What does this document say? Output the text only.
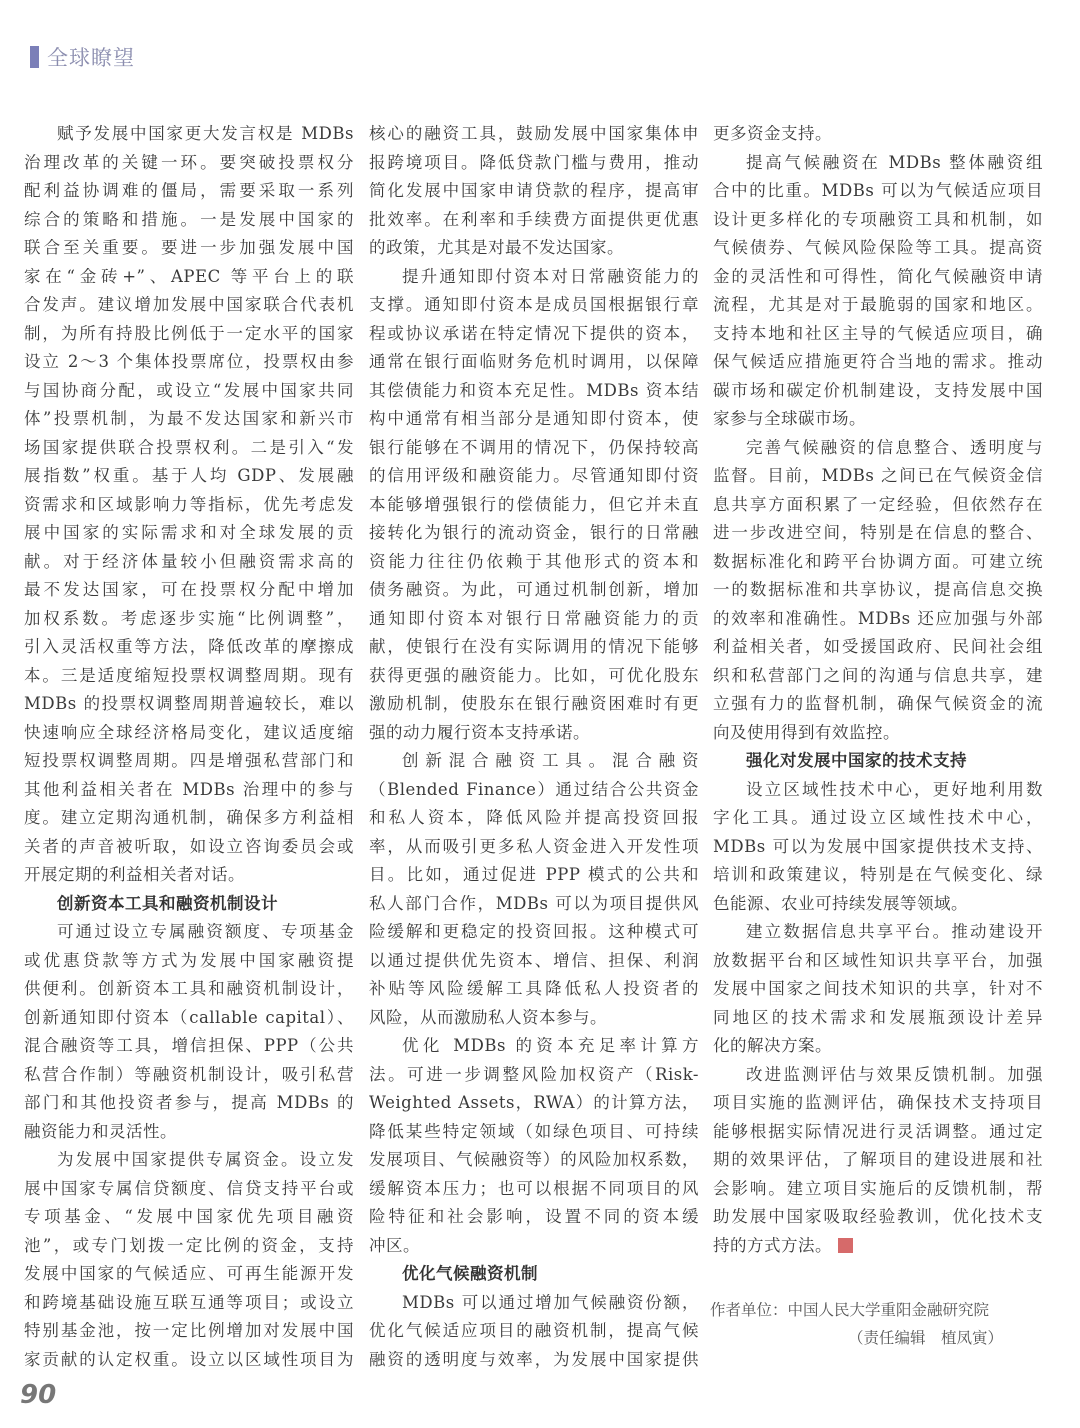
全球瞭望
赋予发展中国家更大发言权是 MDBs
治理改革的关键一环。要突破投票权分
配利益协调难的僵局，需要采取一系列
综合的策略和措施。一是发展中国家的
联合至关重要。要进一步加强发展中国
家在“金砖+”、APEC 等平台上的联
合发声。建议增加发展中国家联合代表机
制，为所有持股比例低于一定水平的国家
设立 2～3 个集体投票席位，投票权由参
与国协商分配，或设立“发展中国家共同
体”投票机制，为最不发达国家和新兴市
场国家提供联合投票权利。二是引入“发
展指数”权重。基于人均 GDP、发展融
资需求和区域影响力等指标，优先考虑发
展中国家的实际需求和对全球发展的贡
献。对于经济体量较小但融资需求高的
最不发达国家，可在投票权分配中增加
加权系数。考虑逐步实施“比例调整”，
引入灵活权重等方法，降低改革的摩擦成
本。三是适度缩短投票权调整周期。现有
MDBs 的投票权调整周期普遍较长，难以
快速响应全球经济格局变化，建议适度缩
短投票权调整周期。四是增强私营部门和
其他利益相关者在 MDBs 治理中的参与
度。建立定期沟通机制，确保多方利益相
关者的声音被听取，如设立咨询委员会或
开展定期的利益相关者对话。
创新资本工具和融资机制设计
可通过设立专属融资额度、专项基金
或优惠贷款等方式为发展中国家融资提
供便利。创新资本工具和融资机制设计，
创新通知即付资本（callable capital）、
混合融资等工具，增信担保、PPP（公共
私营合作制）等融资机制设计，吸引私营
部门和其他投资者参与，提高 MDBs 的
融资能力和灵活性。
为发展中国家提供专属资金。设立发
展中国家专属信贷额度、信贷支持平台或
专项基金、“发展中国家优先项目融资
池”，或专门划拨一定比例的资金，支持
发展中国家的气候适应、可再生能源开发
和跨境基础设施互联互通等项目；或设立
特别基金池，按一定比例增加对发展中国
家贡献的认定权重。设立以区域性项目为
核心的融资工具，鼓励发展中国家集体申
报跨境项目。降低贷款门槛与费用，推动
简化发展中国家申请贷款的程序，提高审
批效率。在利率和手续费方面提供更优惠
的政策，尤其是对最不发达国家。
提升通知即付资本对日常融资能力的
支撑。通知即付资本是成员国根据银行章
程或协议承诺在特定情况下提供的资本，
通常在银行面临财务危机时调用，以保障
其偿债能力和资本充足性。MDBs 资本结
构中通常有相当部分是通知即付资本，使
银行能够在不调用的情况下，仍保持较高
的信用评级和融资能力。尽管通知即付资
本能够增强银行的偿债能力，但它并未直
接转化为银行的流动资金，银行的日常融
资能力往往仍依赖于其他形式的资本和
债务融资。为此，可通过机制创新，增加
通知即付资本对银行日常融资能力的贡
献，使银行在没有实际调用的情况下能够
获得更强的融资能力。比如，可优化股东
激励机制，使股东在银行融资困难时有更
强的动力履行资本支持承诺。
创新混合融资工具。混合融资
（Blended Finance）通过结合公共资金
和私人资本，降低风险并提高投资回报
率，从而吸引更多私人资金进入开发性项
目。比如，通过促进 PPP 模式的公共和
私人部门合作，MDBs 可以为项目提供风
险缓解和更稳定的投资回报。这种模式可
以通过提供优先资本、增信、担保、利润
补贴等风险缓解工具降低私人投资者的
风险，从而激励私人资本参与。
优化 MDBs 的资本充足率计算方
法。可进一步调整风险加权资产（Risk-
Weighted Assets，RWA）的计算方法，
降低某些特定领域（如绿色项目、可持续
发展项目、气候融资等）的风险加权系数，
缓解资本压力；也可以根据不同项目的风
险特征和社会影响，设置不同的资本缓
冲区。
优化气候融资机制
MDBs 可以通过增加气候融资份额，
优化气候适应项目的融资机制，提高气候
融资的透明度与效率，为发展中国家提供
更多资金支持。
提高气候融资在 MDBs 整体融资组
合中的比重。MDBs 可以为气候适应项目
设计更多样化的专项融资工具和机制，如
气候债券、气候风险保险等工具。提高资
金的灵活性和可得性，简化气候融资申请
流程，尤其是对于最脆弱的国家和地区。
支持本地和社区主导的气候适应项目，确
保气候适应措施更符合当地的需求。推动
碳市场和碳定价机制建设，支持发展中国
家参与全球碳市场。
完善气候融资的信息整合、透明度与
监督。目前，MDBs 之间已在气候资金信
息共享方面积累了一定经验，但依然存在
进一步改进空间，特别是在信息的整合、
数据标准化和跨平台协调方面。可建立统
一的数据标准和共享协议，提高信息交换
的效率和准确性。MDBs 还应加强与外部
利益相关者，如受援国政府、民间社会组
织和私营部门之间的沟通与信息共享，建
立强有力的监督机制，确保气候资金的流
向及使用得到有效监控。
强化对发展中国家的技术支持
设立区域性技术中心，更好地利用数
字化工具。通过设立区域性技术中心，
MDBs 可以为发展中国家提供技术支持、
培训和政策建议，特别是在气候变化、绿
色能源、农业可持续发展等领域。
建立数据信息共享平台。推动建设开
放数据平台和区域性知识共享平台，加强
发展中国家之间技术知识的共享，针对不
同地区的技术需求和发展瓶颈设计差异
化的解决方案。
改进监测评估与效果反馈机制。加强
项目实施的监测评估，确保技术支持项目
能够根据实际情况进行灵活调整。通过定
期的效果评估，了解项目的建设进展和社
会影响。建立项目实施后的反馈机制，帮
助发展中国家吸取经验教训，优化技术支
持的方式方法。
作者单位：中国人民大学重阳金融研究院
（责任编辑　植凤寅）
90
